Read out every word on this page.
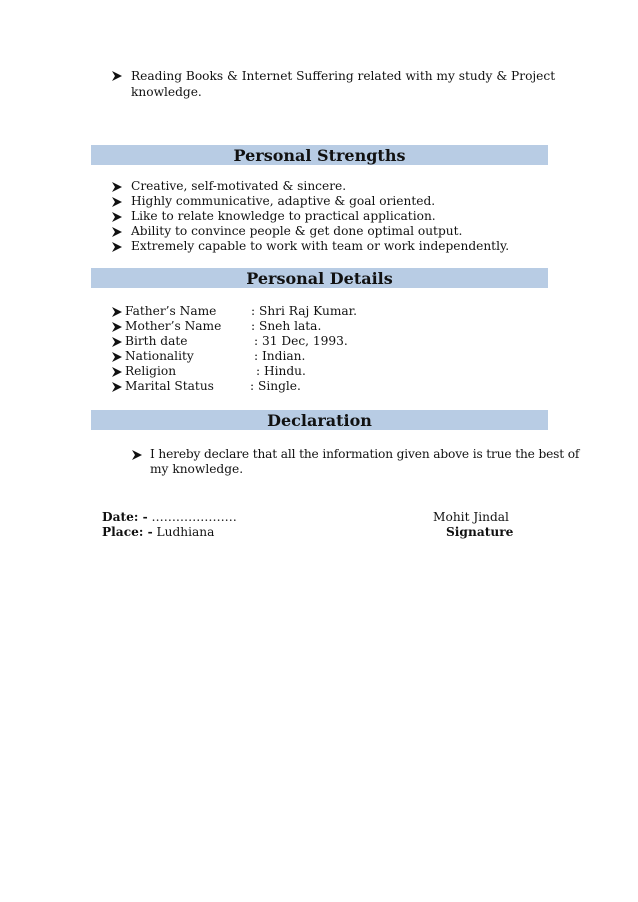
Reading Books & Internet Suffering related with my study & Project
knowledge.
Personal Strengths
Creative, self-motivated & sincere.
Highly communicative, adaptive & goal oriented.
Like to relate knowledge to practical application.
Ability to convince people & get done optimal output.
Extremely capable to work with team or work independently.
Personal Details
Father’s Name	: Shri Raj Kumar.
Mother’s Name : Sneh lata.
Birth date	: 31 Dec, 1993.
Nationality	: Indian.
Religion	: Hindu.
Marital Status	: Single.
Declaration
I hereby declare that all the information given above is true the best of
my knowledge.
Date: - …………………
Place: - Ludhiana
Mohit Jindal
Signature
